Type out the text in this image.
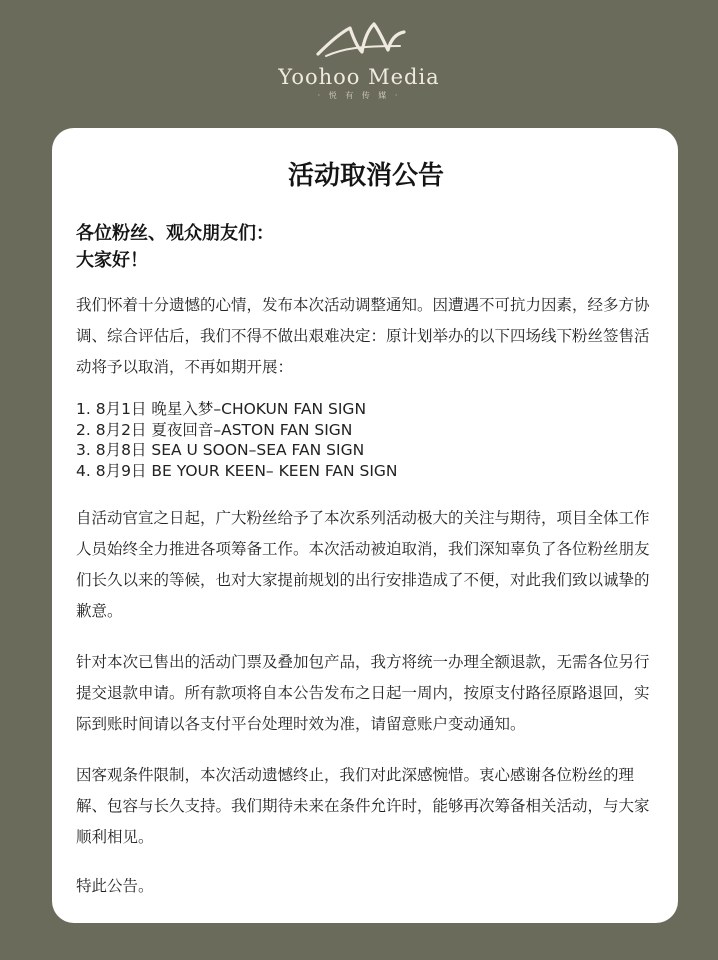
Yoohoo Media
· 悦 有 传 媒 ·
活动取消公告
各位粉丝、观众朋友们：
大家好！

我们怀着十分遗憾的心情，发布本次活动调整通知。因遭遇不可抗力因素，经多方协调、综合评估后，我们不得不做出艰难决定：原计划举办的以下四场线下粉丝签售活动将予以取消，不再如期开展：

1. 8月1日 晚星入梦–CHOKUN FAN SIGN
2. 8月2日 夏夜回音–ASTON FAN SIGN
3. 8月8日 SEA U SOON–SEA FAN SIGN
4. 8月9日 BE YOUR KEEN– KEEN FAN SIGN

自活动官宣之日起，广大粉丝给予了本次系列活动极大的关注与期待，项目全体工作人员始终全力推进各项筹备工作。本次活动被迫取消，我们深知辜负了各位粉丝朋友们长久以来的等候，也对大家提前规划的出行安排造成了不便，对此我们致以诚挚的歉意。

针对本次已售出的活动门票及叠加包产品，我方将统一办理全额退款，无需各位另行提交退款申请。所有款项将自本公告发布之日起一周内，按原支付路径原路退回，实际到账时间请以各支付平台处理时效为准，请留意账户变动通知。

因客观条件限制，本次活动遗憾终止，我们对此深感惋惜。衷心感谢各位粉丝的理解、包容与长久支持。我们期待未来在条件允许时，能够再次筹备相关活动，与大家顺利相见。

特此公告。
